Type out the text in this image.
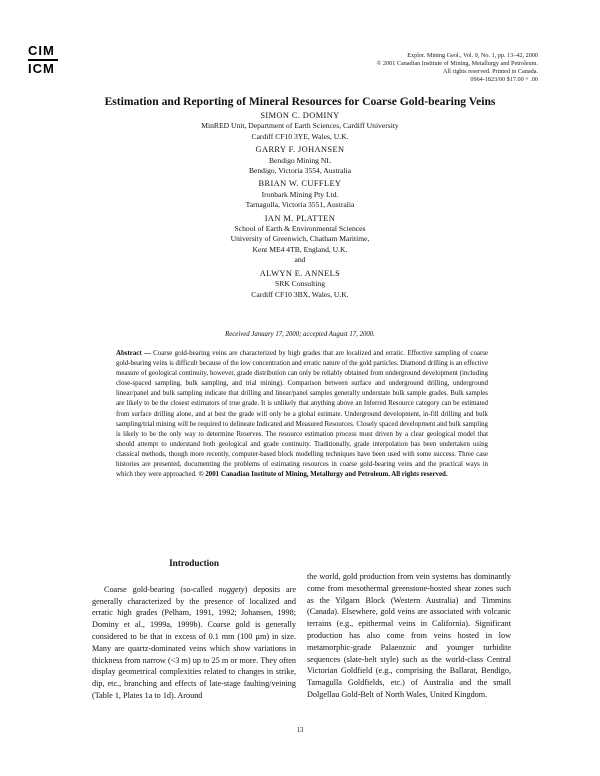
CIM
ICM
Explor. Mining Geol., Vol. 9, No. 1, pp. 13–42, 2000
© 2001 Canadian Institute of Mining, Metallurgy and Petroleum.
All rights reserved. Printed in Canada.
0964-1823/00 $17.00 + .00
Estimation and Reporting of Mineral Resources for Coarse Gold-bearing Veins
SIMON C. DOMINY
MinRED Unit, Department of Earth Sciences, Cardiff University
Cardiff CF10 3YE, Wales, U.K.
GARRY F. JOHANSEN
Bendigo Mining NL
Bendigo, Victoria 3554, Australia
BRIAN W. CUFFLEY
Ironbark Mining Pty Ltd.
Tarnagulla, Victoria 3551, Australia
IAN M. PLATTEN
School of Earth & Environmental Sciences
University of Greenwich, Chatham Maritime,
Kent ME4 4TB, England, U.K.
and
ALWYN E. ANNELS
SRK Consulting
Cardiff CF10 3BX, Wales, U.K.
Received January 17, 2000; accepted August 17, 2000.
Abstract — Coarse gold-bearing veins are characterized by high grades that are localized and erratic. Effective sampling of coarse gold-bearing veins is difficult because of the low concentration and erratic nature of the gold particles. Diamond drilling is an effective measure of geological continuity, however, grade distribution can only be reliably obtained from underground development (including close-spaced sampling, bulk sampling, and trial mining). Comparison between surface and underground drilling, underground linear/panel and bulk sampling indicate that drilling and linear/panel samples generally understate bulk sample grades. Bulk samples are likely to be the closest estimators of true grade. It is unlikely that anything above an Inferred Resource category can be estimated from surface drilling alone, and at best the grade will only be a global estimate. Underground development, in-fill drilling and bulk sampling/trial mining will be required to delineate Indicated and Measured Resources. Closely spaced development and bulk sampling is likely to be the only way to determine Reserves. The resource estimation process must driven by a clear geological model that should attempt to understand both geological and grade continuity. Traditionally, grade interpolation has been undertaken using classical methods, though more recently, computer-based block modelling techniques have been used with some success. Three case histories are presented, documenting the problems of estimating resources in coarse gold-bearing veins and the practical ways in which they were approached. © 2001 Canadian Institute of Mining, Metallurgy and Petroleum. All rights reserved.
Introduction

Coarse gold-bearing (so-called nuggety) deposits are generally characterized by the presence of localized and erratic high grades (Pelham, 1991, 1992; Johansen, 1998; Dominy et al., 1999a, 1999b). Coarse gold is generally considered to be that in excess of 0.1 mm (100 µm) in size. Many are quartz-dominated veins which show variations in thickness from narrow (<3 m) up to 25 m or more. They often display geometrical complexities related to changes in strike, dip, etc., branching and effects of late-stage faulting/veining (Table 1, Plates 1a to 1d). Around

the world, gold production from vein systems has dominantly come from mesothermal greenstone-hosted shear zones such as the Yilgarn Block (Western Australia) and Timmins (Canada). Elsewhere, gold veins are associated with volcanic terrains (e.g., epithermal veins in California). Significant production has also come from veins hosted in low metamorphic-grade Palaeozoic and younger turbidite sequences (slate-belt style) such as the world-class Central Victorian Goldfield (e.g., comprising the Ballarat, Bendigo, Tarnagulla Goldfields, etc.) of Australia and the small Dolgellau Gold-Belt of North Wales, United Kingdom.

13
